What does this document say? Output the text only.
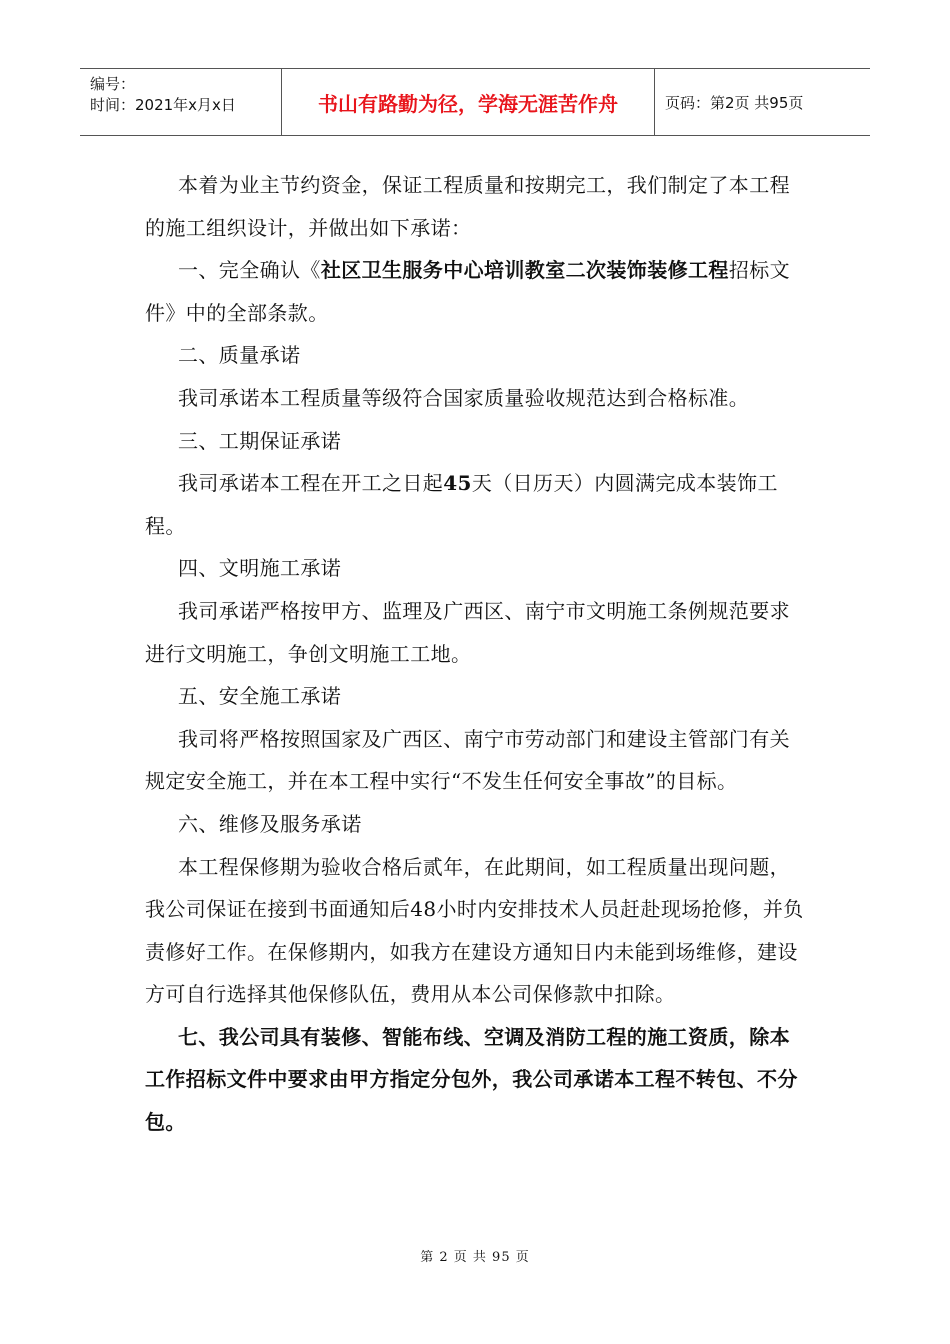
编号：
时间：2021年x月x日	书山有路勤为径，学海无涯苦作舟	页码：第2页 共95页

本着为业主节约资金，保证工程质量和按期完工，我们制定了本工程的施工组织设计，并做出如下承诺：

一、完全确认《社区卫生服务中心培训教室二次装饰装修工程招标文件》中的全部条款。

二、质量承诺

我司承诺本工程质量等级符合国家质量验收规范达到合格标准。

三、工期保证承诺

我司承诺本工程在开工之日起45天（日历天）内圆满完成本装饰工程。

四、文明施工承诺

我司承诺严格按甲方、监理及广西区、南宁市文明施工条例规范要求进行文明施工，争创文明施工工地。

五、安全施工承诺

我司将严格按照国家及广西区、南宁市劳动部门和建设主管部门有关规定安全施工，并在本工程中实行“不发生任何安全事故”的目标。

六、维修及服务承诺

本工程保修期为验收合格后贰年，在此期间，如工程质量出现问题，我公司保证在接到书面通知后48小时内安排技术人员赶赴现场抢修，并负责修好工作。在保修期内，如我方在建设方通知日内未能到场维修，建设方可自行选择其他保修队伍，费用从本公司保修款中扣除。

七、我公司具有装修、智能布线、空调及消防工程的施工资质，除本工作招标文件中要求由甲方指定分包外，我公司承诺本工程不转包、不分包。

第 2 页 共 95 页
